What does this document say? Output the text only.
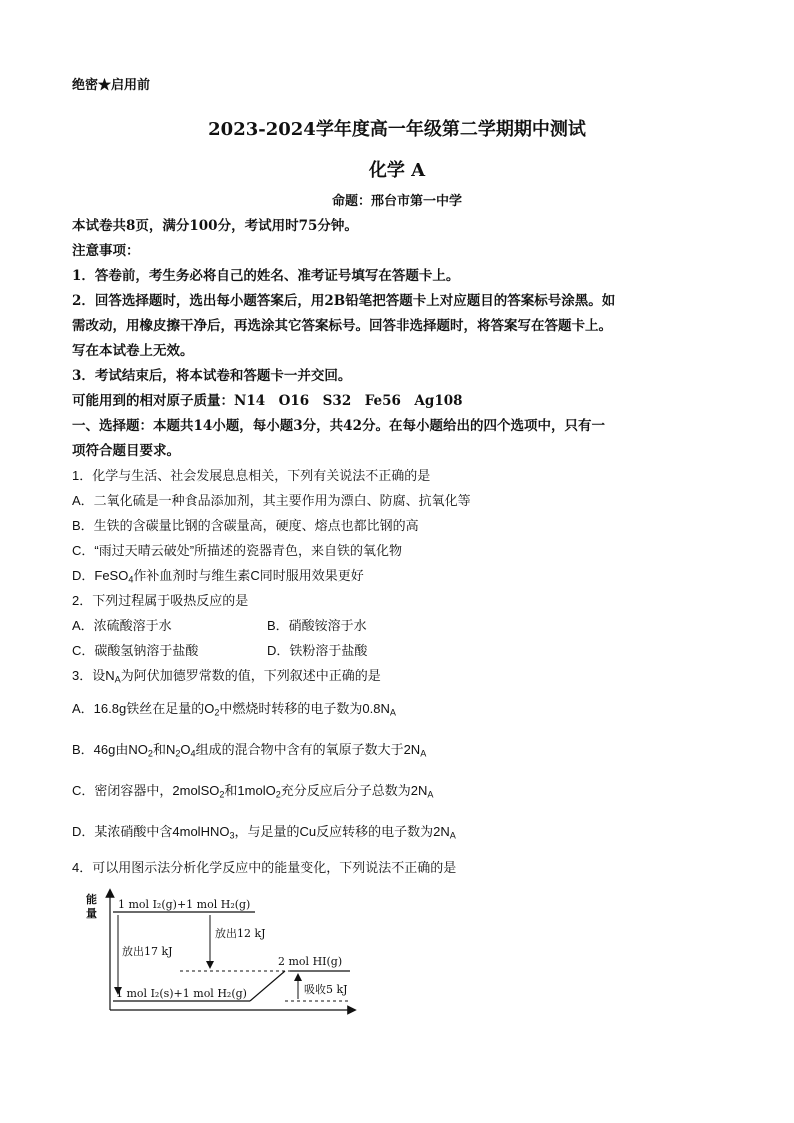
绝密★启用前
2023-2024学年度高一年级第二学期期中测试
化学 A
命题：邢台市第一中学
本试卷共8页，满分100分，考试用时75分钟。
注意事项：
1．答卷前，考生务必将自己的姓名、准考证号填写在答题卡上。
2．回答选择题时，选出每小题答案后，用2B铅笔把答题卡上对应题目的答案标号涂黑。如
需改动，用橡皮擦干净后，再选涂其它答案标号。回答非选择题时，将答案写在答题卡上。
写在本试卷上无效。
3．考试结束后，将本试卷和答题卡一并交回。
可能用到的相对原子质量：N14　O16　S32　Fe56　Ag108
一、选择题：本题共14小题，每小题3分，共42分。在每小题给出的四个选项中，只有一
项符合题目要求。
1．化学与生活、社会发展息息相关，下列有关说法不正确的是
A．二氧化硫是一种食品添加剂，其主要作用为漂白、防腐、抗氧化等
B．生铁的含碳量比钢的含碳量高，硬度、熔点也都比钢的高
C．“雨过天晴云破处”所描述的瓷器青色，来自铁的氧化物
D．FeSO$_4$作补血剂时与维生素C同时服用效果更好
2．下列过程属于吸热反应的是
A．浓硫酸溶于水	B．硝酸铵溶于水
C．碳酸氢钠溶于盐酸	D．铁粉溶于盐酸
3．设$N_A$为阿伏加德罗常数的值，下列叙述中正确的是
A．16.8g铁丝在足量的$O_2$中燃烧时转移的电子数为$0.8N_A$
B．46g由$NO_2$和$N_2O_4$组成的混合物中含有的氧原子数大于$2N_A$
C．密闭容器中，2molSO$_2$和1molO$_2$充分反应后分子总数为$2N_A$
D．某浓硝酸中含4molHNO$_3$，与足量的Cu反应转移的电子数为$2N_A$
4．可以用图示法分析化学反应中的能量变化，下列说法不正确的是
能
量
1 mol I₂(g)+1 mol H₂(g)
放出17 kJ
放出12 kJ
2 mol HI(g)
1 mol I₂(s)+1 mol H₂(g)	吸收5 kJ
